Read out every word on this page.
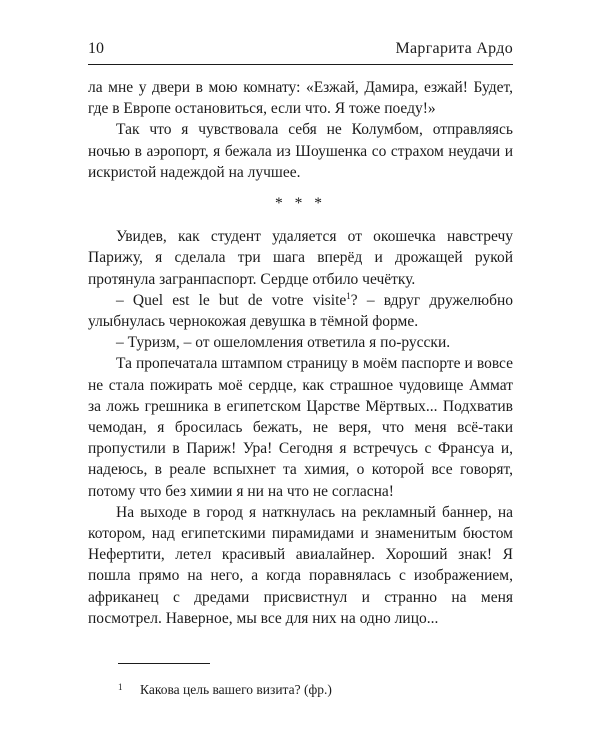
10	Маргарита Ардо

ла мне у двери в мою комнату: «Езжай, Дамира, езжай! Будет, где в Европе остановиться, если что. Я тоже поеду!»

Так что я чувствовала себя не Колумбом, отправляясь ночью в аэропорт, я бежала из Шоушенка со страхом неудачи и искристой надеждой на лучшее.

* * *

Увидев, как студент удаляется от окошечка навстречу Парижу, я сделала три шага вперёд и дрожащей рукой протянула загранпаспорт. Сердце отбило чечётку.

– Quel est le but de votre visite$^1$? – вдруг дружелюбно улыбнулась чернокожая девушка в тёмной форме.

– Туризм, – от ошеломления ответила я по-русски.

Та пропечатала штампом страницу в моём паспорте и вовсе не стала пожирать моё сердце, как страшное чудовище Аммат за ложь грешника в египетском Царстве Мёртвых... Подхватив чемодан, я бросилась бежать, не веря, что меня всё-таки пропустили в Париж! Ура! Сегодня я встречусь с Франсуа и, надеюсь, в реале вспыхнет та химия, о которой все говорят, потому что без химии я ни на что не согласна!

На выходе в город я наткнулась на рекламный баннер, на котором, над египетскими пирамидами и знаменитым бюстом Нефертити, летел красивый авиалайнер. Хороший знак! Я пошла прямо на него, а когда поравнялась с изображением, африканец с дредами присвистнул и странно на меня посмотрел. Наверное, мы все для них на одно лицо...

1 Какова цель вашего визита? (фр.)
